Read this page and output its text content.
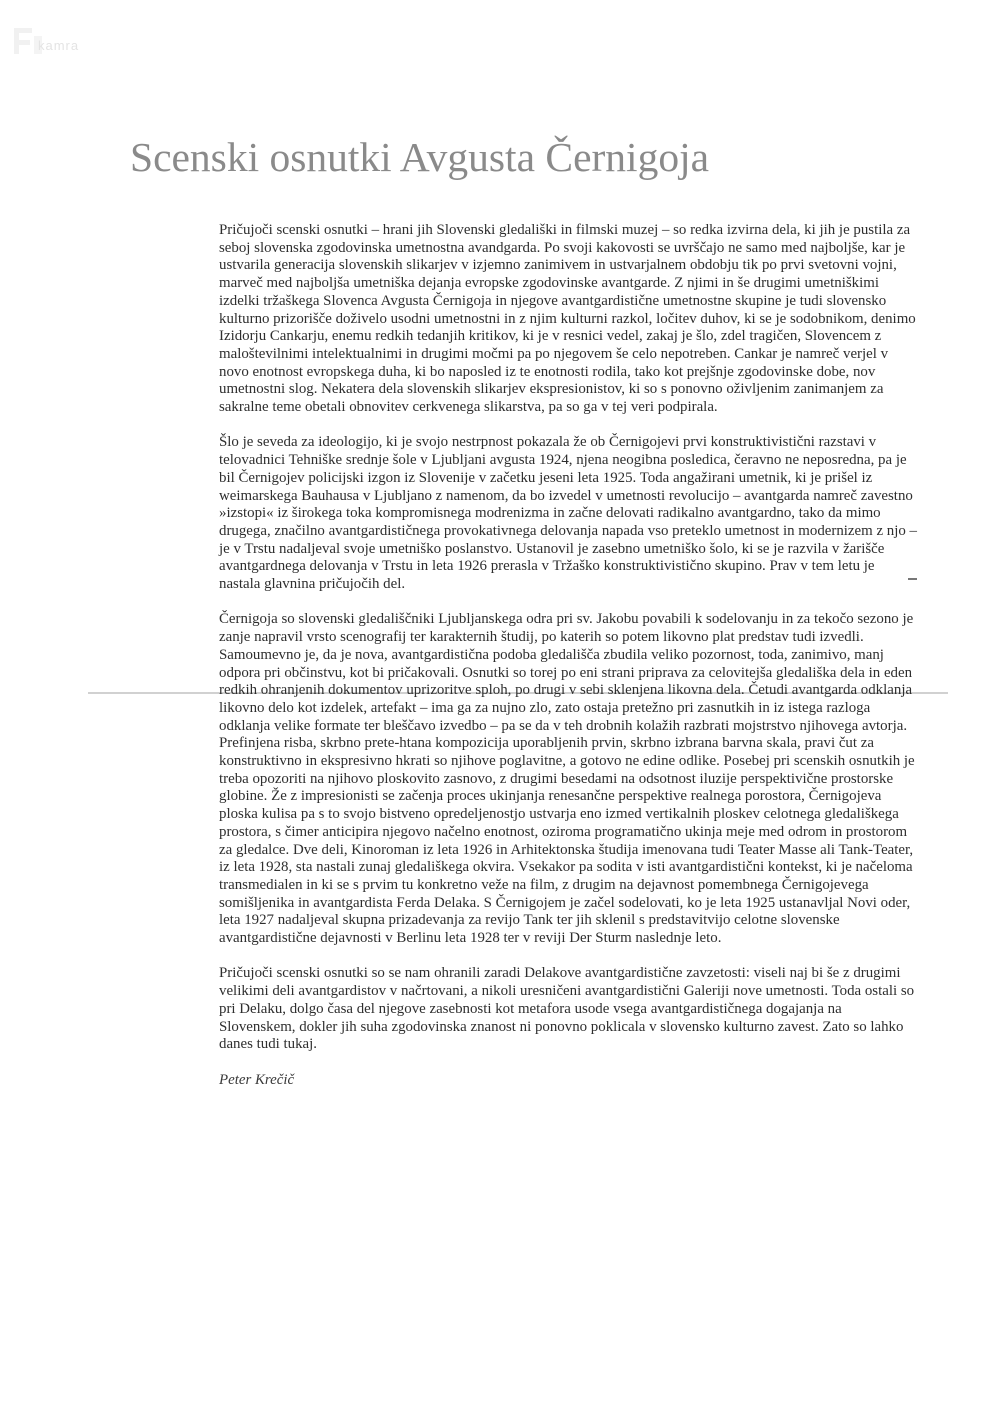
kamra
Scenski osnutki Avgusta Černigoja

Pričujoči scenski osnutki – hrani jih Slovenski gledališki in filmski muzej – so redka izvirna dela, ki jih je pustila za seboj slovenska zgodovinska umetnostna avandgarda. Po svoji kakovosti se uvrščajo ne samo med najboljše, kar je ustvarila generacija slovenskih slikarjev v izjemno zanimivem in ustvarjalnem obdobju tik po prvi svetovni vojni, marveč med najboljša umetniška dejanja evropske zgodovinske avantgarde. Z njimi in še drugimi umetniškimi izdelki tržaškega Slovenca Avgusta Černigoja in njegove avantgardistične umetnostne skupine je tudi slovensko kulturno prizorišče doživelo usodni umetnostni in z njim kulturni razkol, ločitev duhov, ki se je sodobnikom, denimo Izidorju Cankarju, enemu redkih tedanjih kritikov, ki je v resnici vedel, zakaj je šlo, zdel tragičen, Slovencem z maloštevilnimi intelektualnimi in drugimi močmi pa po njegovem še celo nepotreben. Cankar je namreč verjel v novo enotnost evropskega duha, ki bo naposled iz te enotnosti rodila, tako kot prejšnje zgodovinske dobe, nov umetnostni slog. Nekatera dela slovenskih slikarjev ekspresionistov, ki so s ponovno oživljenim zanimanjem za sakralne teme obetali obnovitev cerkvenega slikarstva, pa so ga v tej veri podpirala.

Šlo je seveda za ideologijo, ki je svojo nestrpnost pokazala že ob Černigojevi prvi konstruktivistični razstavi v telovadnici Tehniške srednje šole v Ljubljani avgusta 1924, njena neogibna posledica, čeravno ne neposredna, pa je bil Černigojev policijski izgon iz Slovenije v začetku jeseni leta 1925. Toda angažirani umetnik, ki je prišel iz weimarskega Bauhausa v Ljubljano z namenom, da bo izvedel v umetnosti revolucijo – avantgarda namreč zavestno »izstopi« iz širokega toka kompromisnega modrenizma in začne delovati radikalno avantgardno, tako da mimo drugega, značilno avantgardističnega provokativnega delovanja napada vso preteklo umetnost in modernizem z njo – je v Trstu nadaljeval svoje umetniško poslanstvo. Ustanovil je zasebno umetniško šolo, ki se je razvila v žarišče avantgardnega delovanja v Trstu in leta 1926 prerasla v Tržaško konstruktivistično skupino. Prav v tem letu je nastala glavnina pričujočih del.

Černigoja so slovenski gledališčniki Ljubljanskega odra pri sv. Jakobu povabili k sodelovanju in za tekočo sezono je zanje napravil vrsto scenografij ter karakternih študij, po katerih so potem likovno plat predstav tudi izvedli. Samoumevno je, da je nova, avantgardistična podoba gledališča zbudila veliko pozornost, toda, zanimivo, manj odpora pri občinstvu, kot bi pričakovali. Osnutki so torej po eni strani priprava za celovitejša gledališka dela in eden redkih ohranjenih dokumentov uprizoritve sploh, po drugi v sebi sklenjena likovna dela. Četudi avantgarda odklanja likovno delo kot izdelek, artefakt – ima ga za nujno zlo, zato ostaja pretežno pri zasnutkih in iz istega razloga odklanja velike formate ter bleščavo izvedbo – pa se da v teh drobnih kolažih razbrati mojstrstvo njihovega avtorja. Prefinjena risba, skrbno prete-htana kompozicija uporabljenih prvin, skrbno izbrana barvna skala, pravi čut za konstruktivno in ekspresivno hkrati so njihove poglavitne, a gotovo ne edine odlike. Posebej pri scenskih osnutkih je treba opozoriti na njihovo ploskovito zasnovo, z drugimi besedami na odsotnost iluzije perspektivične prostorske globine. Že z impresionisti se začenja proces ukinjanja renesančne perspektive realnega porostora, Černigojeva ploska kulisa pa s to svojo bistveno opredeljenostjo ustvarja eno izmed vertikalnih ploskev celotnega gledališkega prostora, s čimer anticipira njegovo načelno enotnost, oziroma programatično ukinja meje med odrom in prostorom za gledalce. Dve deli, Kinoroman iz leta 1926 in Arhitektonska študija imenovana tudi Teater Masse ali Tank-Teater, iz leta 1928, sta nastali zunaj gledališkega okvira. Vsekakor pa sodita v isti avantgardistični kontekst, ki je načeloma transmedialen in ki se s prvim tu konkretno veže na film, z drugim na dejavnost pomembnega Černigojevega somišljenika in avantgardista Ferda Delaka. S Černigojem je začel sodelovati, ko je leta 1925 ustanavljal Novi oder, leta 1927 nadaljeval skupna prizadevanja za revijo Tank ter jih sklenil s predstavitvijo celotne slovenske avantgardistične dejavnosti v Berlinu leta 1928 ter v reviji Der Sturm naslednje leto.

Pričujoči scenski osnutki so se nam ohranili zaradi Delakove avantgardistične zavzetosti: viseli naj bi še z drugimi velikimi deli avantgardistov v načrtovani, a nikoli uresničeni avantgardistični Galeriji nove umetnosti. Toda ostali so pri Delaku, dolgo časa del njegove zasebnosti kot metafora usode vsega avantgardističnega dogajanja na Slovenskem, dokler jih suha zgodovinska znanost ni ponovno poklicala v slovensko kulturno zavest. Zato so lahko danes tudi tukaj.

Peter Krečič
